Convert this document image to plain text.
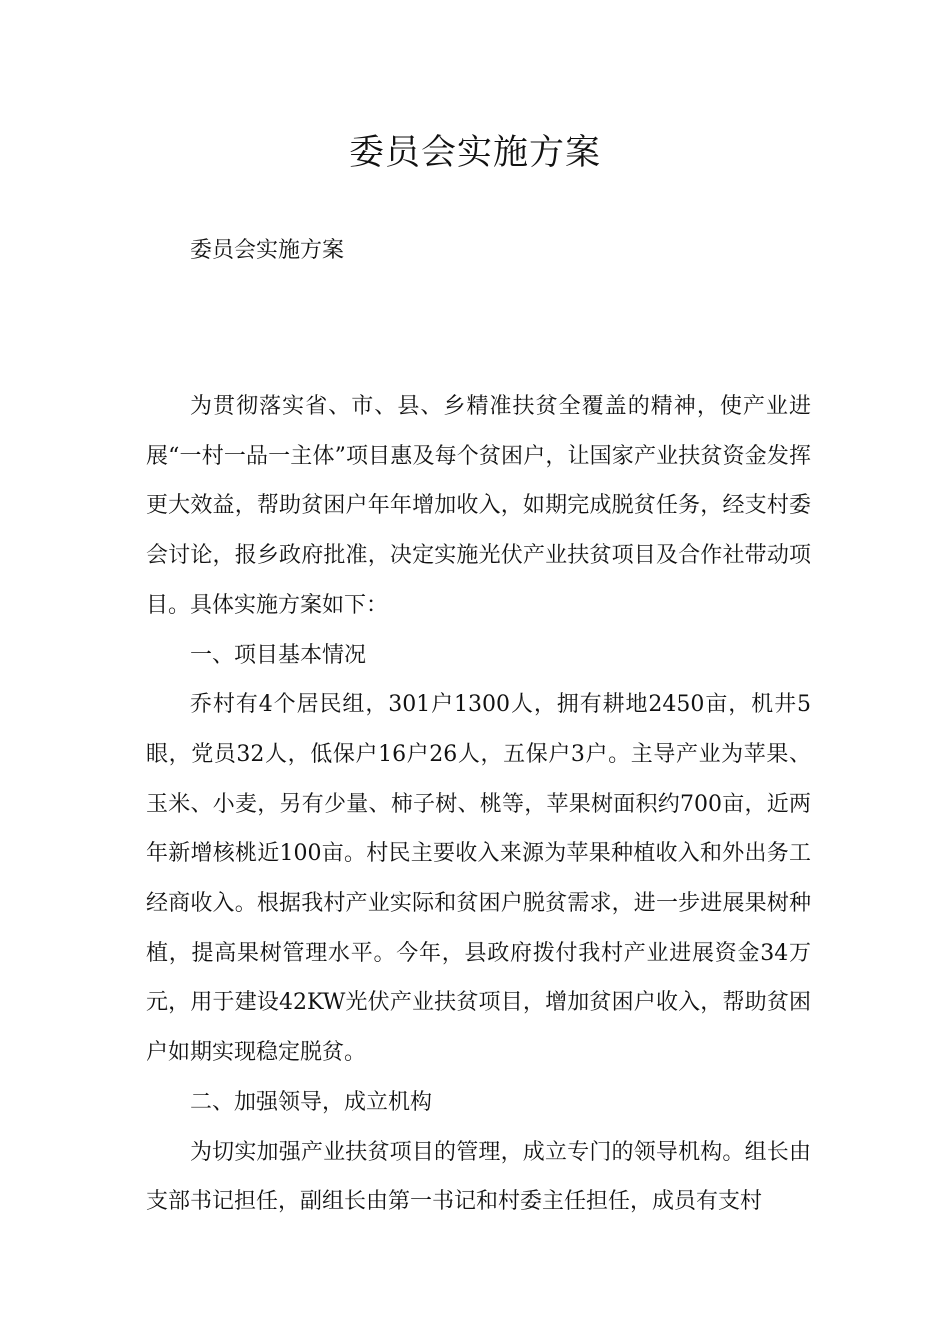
委员会实施方案
委员会实施方案

为贯彻落实省、市、县、乡精准扶贫全覆盖的精神，使产业进展“一村一品一主体”项目惠及每个贫困户，让国家产业扶贫资金发挥更大效益，帮助贫困户年年增加收入，如期完成脱贫任务，经支村委会讨论，报乡政府批准，决定实施光伏产业扶贫项目及合作社带动项目。具体实施方案如下：

一、项目基本情况

乔村有4个居民组，301户1300人，拥有耕地2450亩，机井5眼，党员32人，低保户16户26人，五保户3户。主导产业为苹果、玉米、小麦，另有少量、柿子树、桃等，苹果树面积约700亩，近两年新增核桃近100亩。村民主要收入来源为苹果种植收入和外出务工经商收入。根据我村产业实际和贫困户脱贫需求，进一步进展果树种植，提高果树管理水平。今年，县政府拨付我村产业进展资金34万元，用于建设42KW光伏产业扶贫项目，增加贫困户收入，帮助贫困户如期实现稳定脱贫。

二、加强领导，成立机构

为切实加强产业扶贫项目的管理，成立专门的领导机构。组长由支部书记担任，副组长由第一书记和村委主任担任，成员有支村
